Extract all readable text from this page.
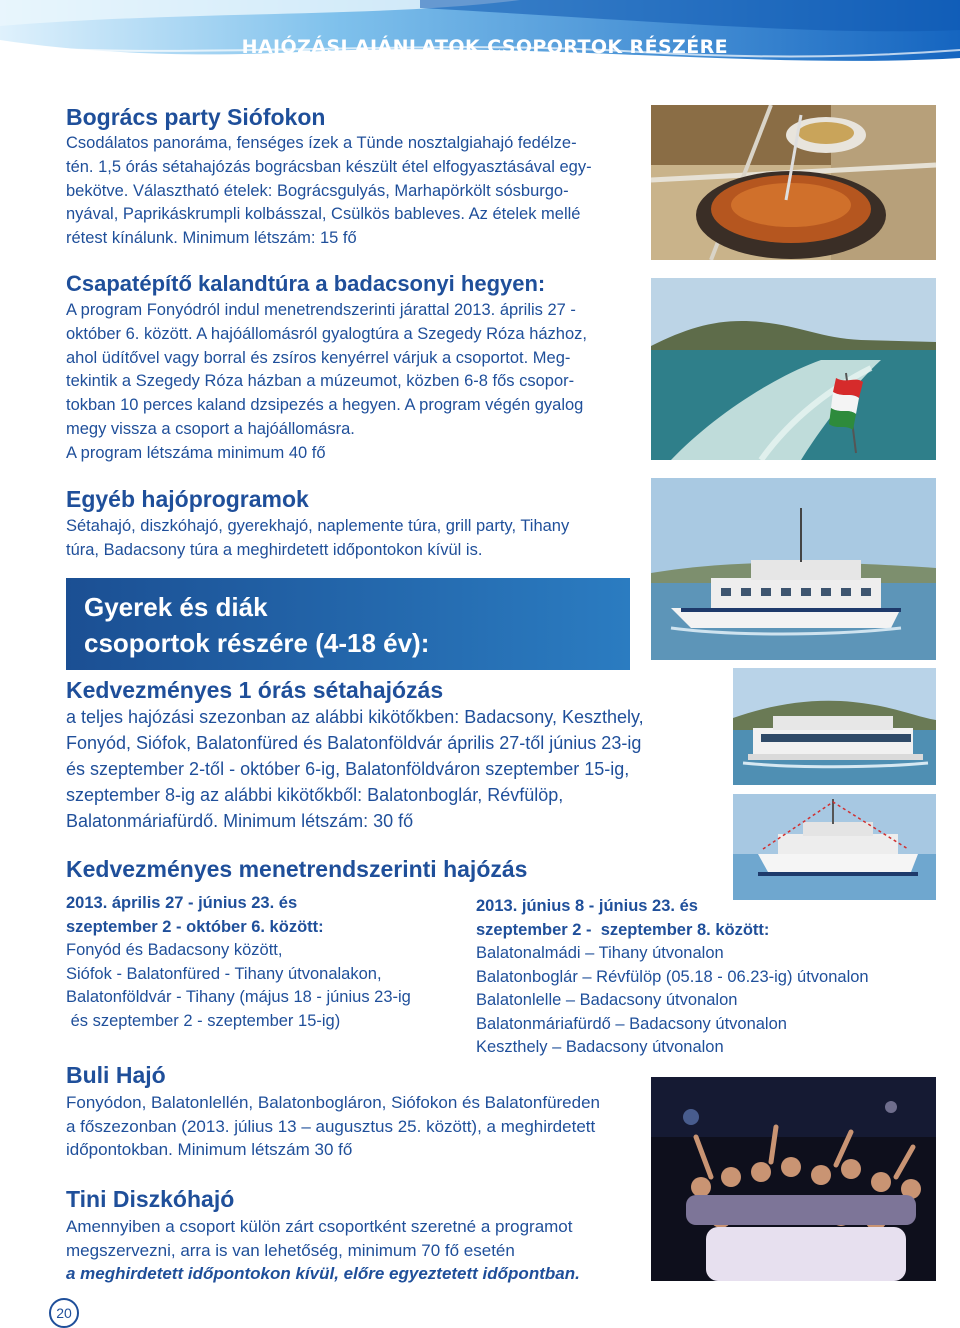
HAJÓZÁSI AJÁNLATOK CSOPORTOK RÉSZÉRE
Bogrács party Siófokon

Csodálatos panoráma, fenséges ízek a Tünde nosztalgiahajó fedélze-
tén. 1,5 órás sétahajózás bográcsban készült étel elfogyasztásával egy-
bekötve. Választható ételek: Bográcsgulyás, Marhapörkölt sósburgo-
nyával, Paprikáskrumpli kolbásszal, Csülkös bableves. Az ételek mellé
rétest kínálunk. Minimum létszám: 15 fő

Csapatépítő kalandtúra a badacsonyi hegyen:

A program Fonyódról indul menetrendszerinti járattal 2013. április 27 -
október 6. között. A hajóállomásról gyalogtúra a Szegedy Róza házhoz,
ahol üdítővel vagy borral és zsíros kenyérrel várjuk a csoportot. Meg-
tekintik a Szegedy Róza házban a múzeumot, közben 6-8 fős csopor-
tokban 10 perces kaland dzsipezés a hegyen. A program végén gyalog
megy vissza a csoport a hajóállomásra.
A program létszáma minimum 40 fő

Egyéb hajóprogramok

Sétahajó, diszkóhajó, gyerekhajó, naplemente túra, grill party, Tihany
túra, Badacsony túra a meghirdetett időpontokon kívül is.

Gyerek és diák
csoportok részére (4-18 év):
Kedvezményes 1 órás sétahajózás

a teljes hajózási szezonban az alábbi kikötőkben: Badacsony, Keszthely,
Fonyód, Siófok, Balatonfüred és Balatonföldvár április 27-től június 23-ig
és szeptember 2-től - október 6-ig, Balatonföldváron szeptember 15-ig,
szeptember 8-ig az alábbi kikötőkből: Balatonboglár, Révfülöp,
Balatonmáriafürdő. Minimum létszám: 30 fő

Kedvezményes menetrendszerinti hajózás

2013. április 27 - június 23. és
szeptember 2 - október 6. között:

Fonyód és Badacsony között,
Siófok - Balatonfüred - Tihany útvonalakon,
Balatonföldvár - Tihany (május 18 - június 23-ig
és szeptember 2 - szeptember 15-ig)

2013. június 8 - június 23. és
szeptember 2 -  szeptember 8. között:

Balatonalmádi – Tihany útvonalon
Balatonboglár – Révfülöp (05.18 - 06.23-ig) útvonalon
Balatonlelle – Badacsony útvonalon
Balatonmáriafürdő – Badacsony útvonalon
Keszthely – Badacsony útvonalon

Buli Hajó

Fonyódon, Balatonlellén, Balatonbogláron, Siófokon és Balatonfüreden
a főszezonban (2013. július 13 – augusztus 25. között), a meghirdetett
időpontokban. Minimum létszám 30 fő

Tini Diszkóhajó

Amennyiben a csoport külön zárt csoportként szeretné a programot
megszervezni, arra is van lehetőség, minimum 70 fő esetén
a meghirdetett időpontokon kívül, előre egyeztetett időpontban.

20
